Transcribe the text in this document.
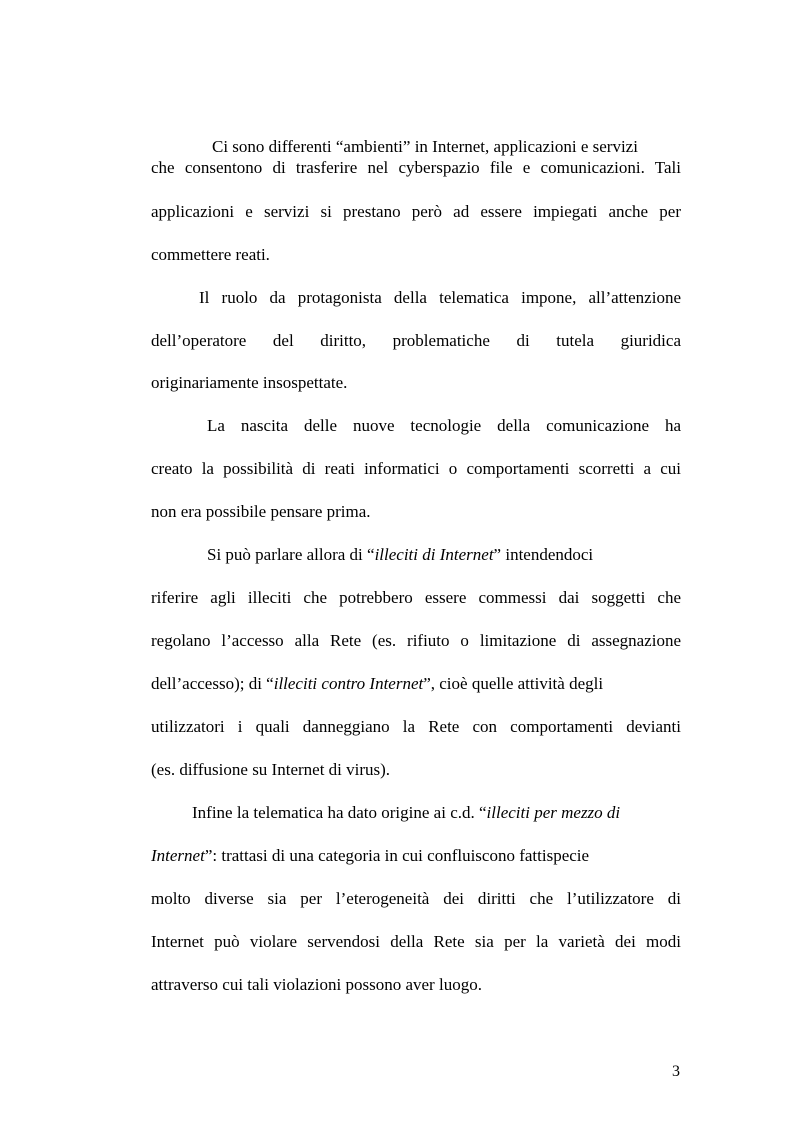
Ci sono differenti “ambienti” in Internet, applicazioni e servizi
che consentono di trasferire nel cyberspazio file e comunicazioni. Tali
applicazioni e servizi si prestano però ad essere impiegati anche per
commettere reati.
Il ruolo da protagonista della telematica impone, all’attenzione
dell’operatore del diritto, problematiche di tutela giuridica
originariamente insospettate.
La nascita delle nuove tecnologie della comunicazione ha
creato la possibilità di reati informatici o comportamenti scorretti a cui
non era possibile pensare prima.
Si può parlare allora di “illeciti di Internet” intendendoci
riferire agli illeciti che potrebbero essere commessi dai soggetti che
regolano l’accesso alla Rete (es. rifiuto o limitazione di assegnazione
dell’accesso); di “illeciti contro Internet”, cioè quelle attività degli
utilizzatori i quali danneggiano la Rete con comportamenti devianti
(es. diffusione su Internet di virus).
Infine la telematica ha dato origine ai c.d. “illeciti per mezzo di
Internet”: trattasi di una categoria in cui confluiscono fattispecie
molto diverse sia per l’eterogeneità dei diritti che l’utilizzatore di
Internet può violare servendosi della Rete sia per la varietà dei modi
attraverso cui tali violazioni possono aver luogo.
3
